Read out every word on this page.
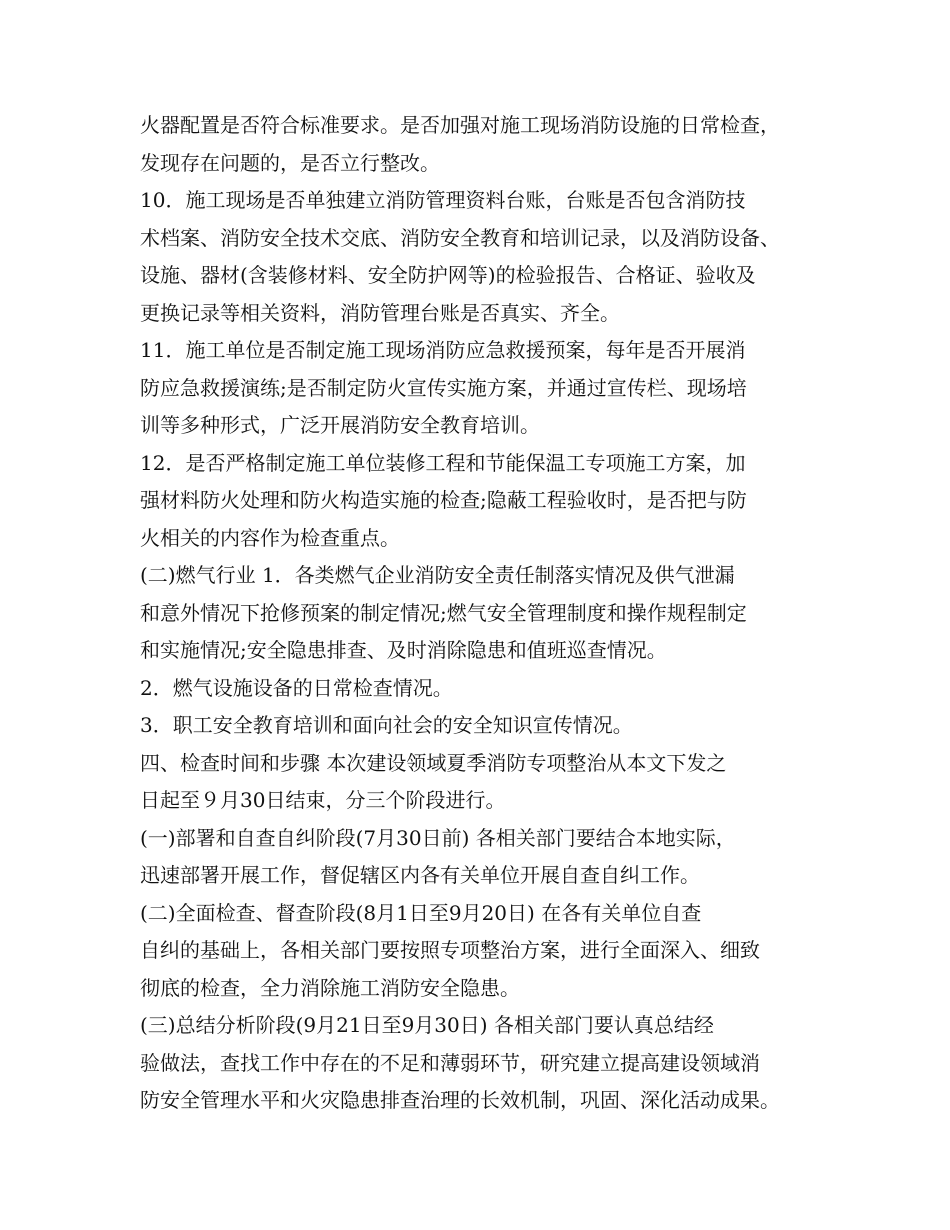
火器配置是否符合标准要求。是否加强对施工现场消防设施的日常检查，
发现存在问题的，是否立行整改。
10．施工现场是否单独建立消防管理资料台账，台账是否包含消防技
术档案、消防安全技术交底、消防安全教育和培训记录，以及消防设备、
设施、器材(含装修材料、安全防护网等)的检验报告、合格证、验收及
更换记录等相关资料，消防管理台账是否真实、齐全。
11．施工单位是否制定施工现场消防应急救援预案，每年是否开展消
防应急救援演练;是否制定防火宣传实施方案，并通过宣传栏、现场培
训等多种形式，广泛开展消防安全教育培训。
12．是否严格制定施工单位装修工程和节能保温工专项施工方案，加
强材料防火处理和防火构造实施的检查;隐蔽工程验收时，是否把与防
火相关的内容作为检查重点。
(二)燃气行业 1．各类燃气企业消防安全责任制落实情况及供气泄漏
和意外情况下抢修预案的制定情况;燃气安全管理制度和操作规程制定
和实施情况;安全隐患排查、及时消除隐患和值班巡查情况。
2．燃气设施设备的日常检查情况。
3．职工安全教育培训和面向社会的安全知识宣传情况。
四、检查时间和步骤 本次建设领域夏季消防专项整治从本文下发之
日起至９月30日结束，分三个阶段进行。
(一)部署和自查自纠阶段(7月30日前) 各相关部门要结合本地实际，
迅速部署开展工作，督促辖区内各有关单位开展自查自纠工作。
(二)全面检查、督查阶段(8月1日至9月20日) 在各有关单位自查
自纠的基础上，各相关部门要按照专项整治方案，进行全面深入、细致
彻底的检查，全力消除施工消防安全隐患。
(三)总结分析阶段(9月21日至9月30日) 各相关部门要认真总结经
验做法，查找工作中存在的不足和薄弱环节，研究建立提高建设领域消
防安全管理水平和火灾隐患排查治理的长效机制，巩固、深化活动成果。
